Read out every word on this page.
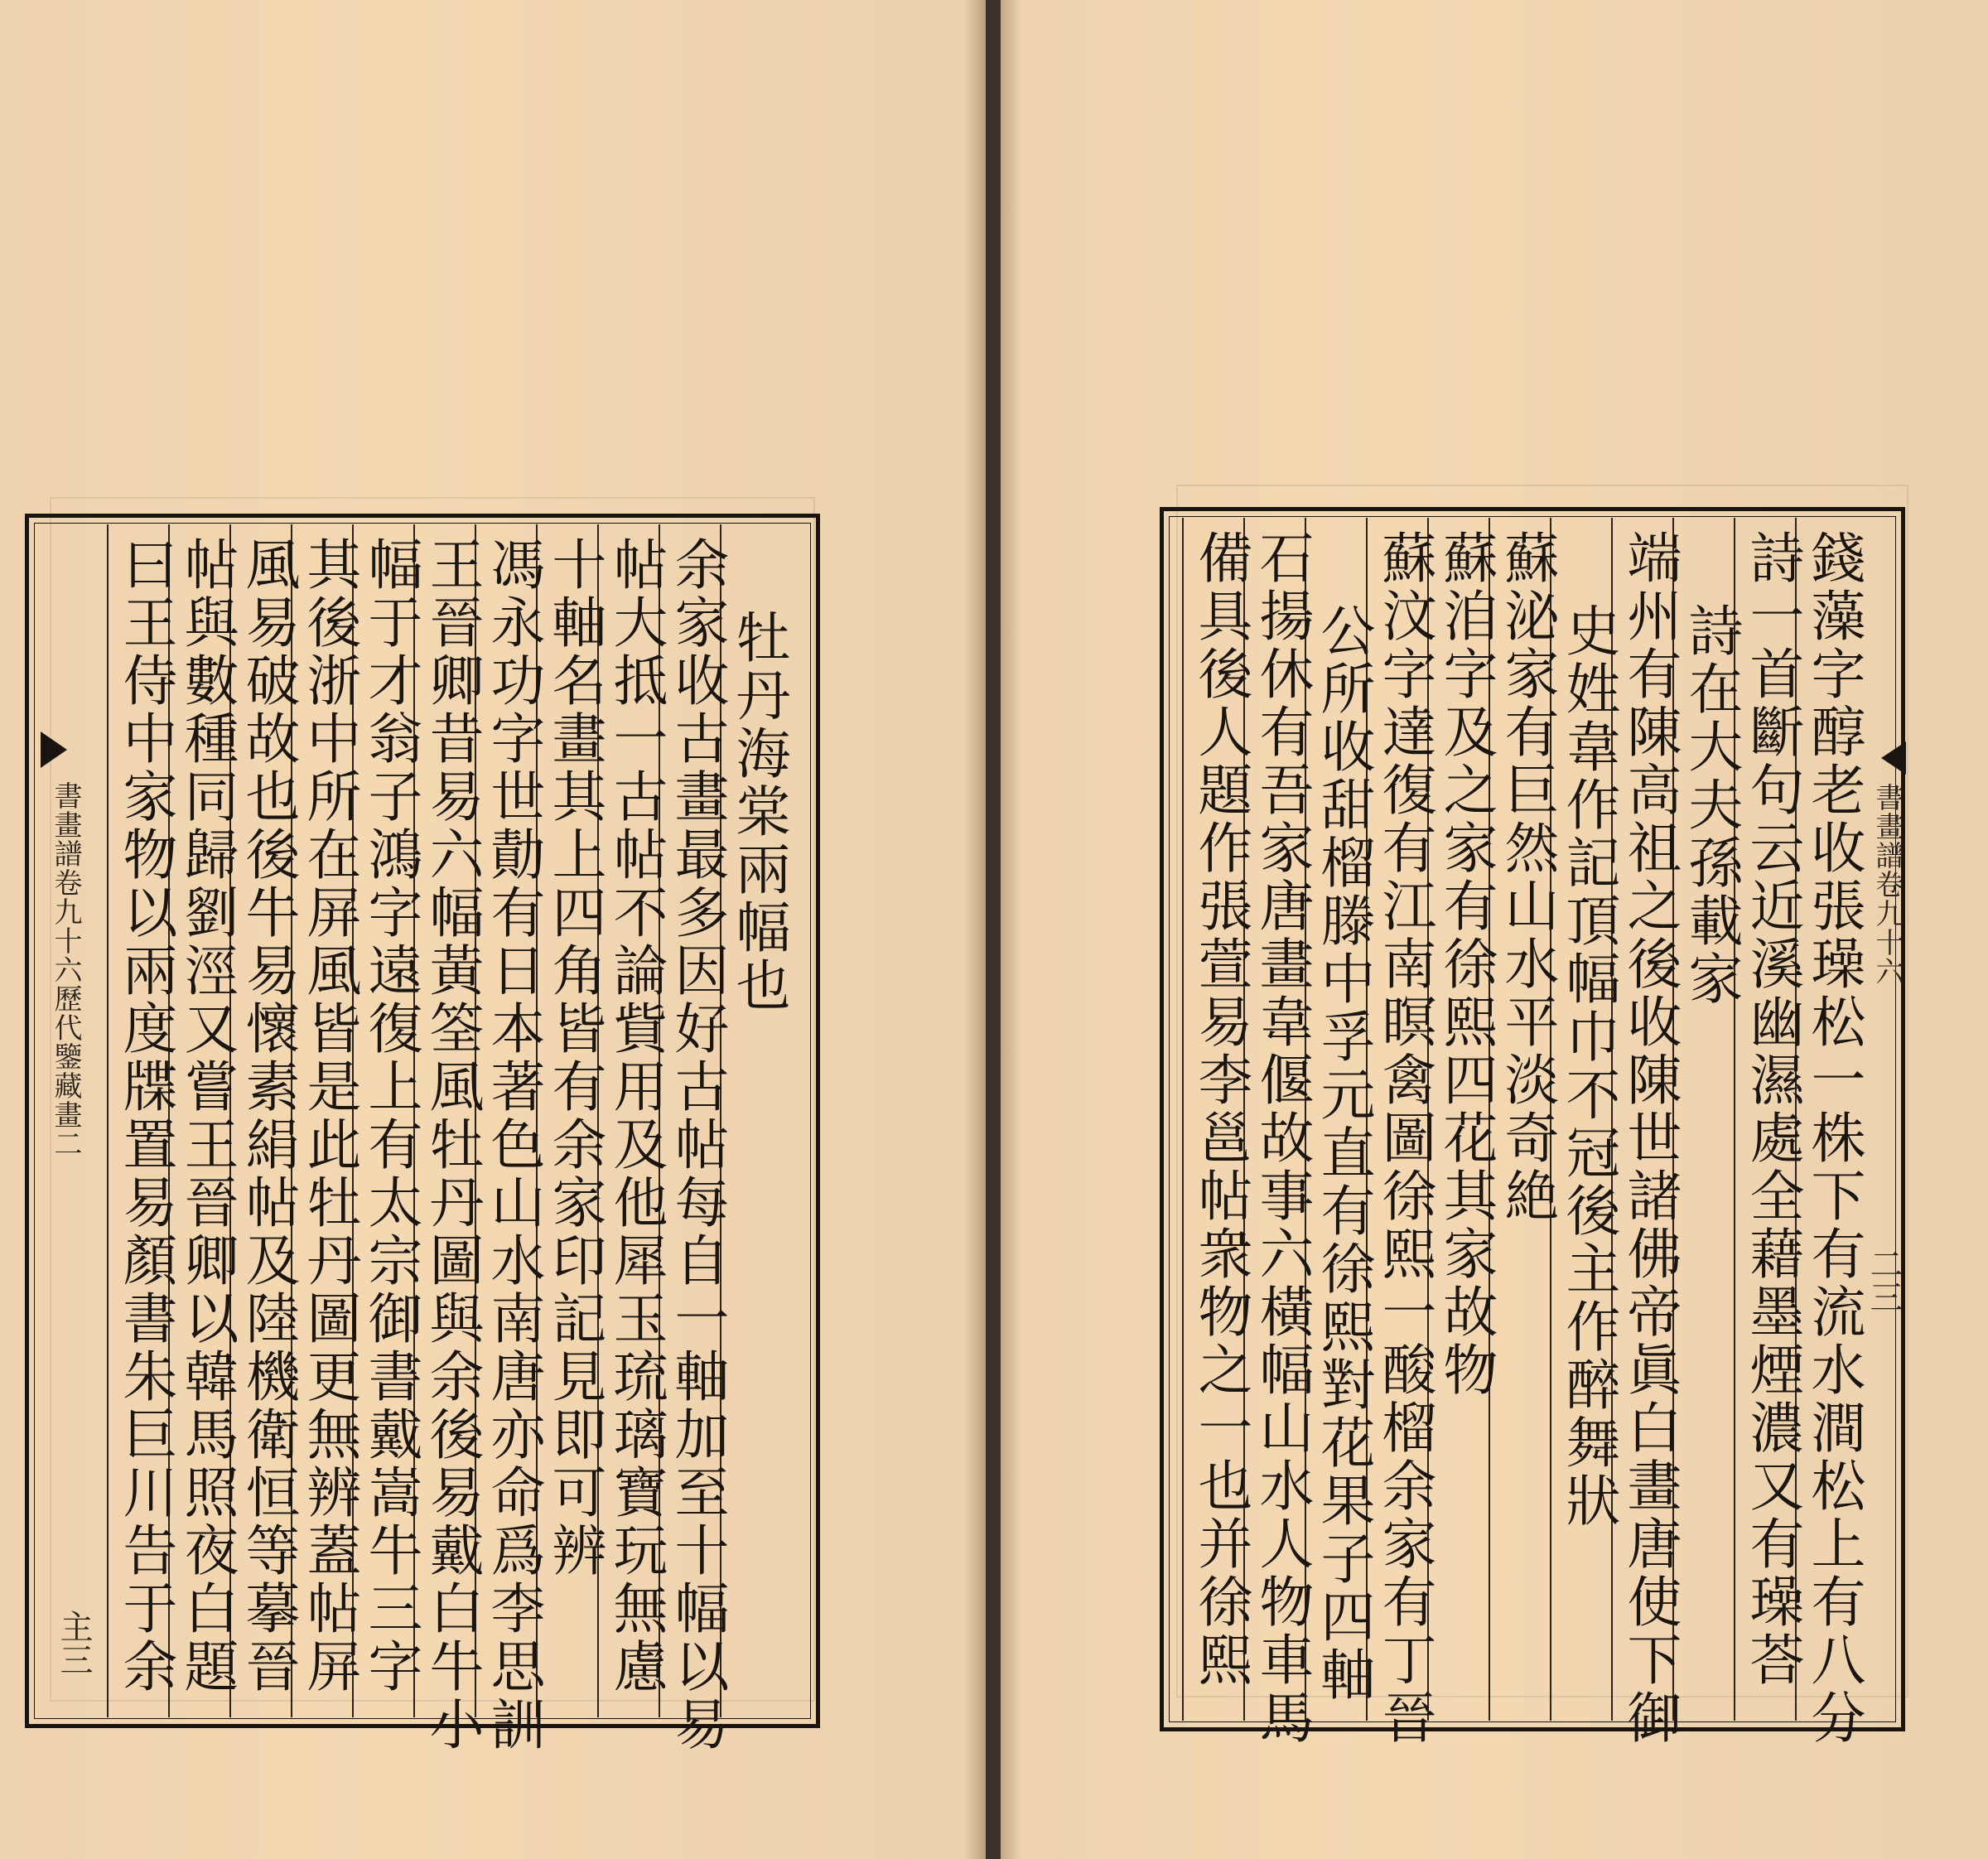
書畫譜卷九十六歷代鑒藏畫二
主三
牡丹海棠兩幅也
余家收古畫最多因好古帖每自一軸加至十幅以易
帖大抵一古帖不論貲用及他犀玉琉璃寶玩無慮
十軸名畫其上四角皆有余家印記見即可辨
馮永功字世勣有日本著色山水南唐亦命爲李思訓
王晉卿昔易六幅黃筌風牡丹圖與余後易戴白牛小
幅于才翁子鴻字遠復上有太宗御書戴嵩牛三字
其後浙中所在屏風皆是此牡丹圖更無辨蓋帖屏
風易破故也後牛易懷素絹帖及陸機衛恒等摹晉
帖與數種同歸劉涇又嘗王晉卿以韓馬照夜白題
曰王侍中家物以兩度牒置易顏書朱巨川告于余	書畫譜卷九十六
二三
錢藻字醇老收張璪松一株下有流水澗松上有八分
詩一首斷句云近溪幽濕處全藉墨煙濃又有璪荅
詩在大夫孫載家
端州有陳高祖之後收陳世諸佛帝眞白畫唐使下御
史姓韋作記頂幅巾不冠後主作醉舞狀
蘇泌家有巨然山水平淡奇絶
蘇洎字及之家有徐熙四花其家故物
蘇汶字達復有江南瞑禽圖徐熙一酸榴余家有丁晉
公所收甜榴滕中孚元直有徐熙對花果子四軸
石揚休有吾家唐畫韋偃故事六橫幅山水人物車馬
備具後人題作張萱易李邕帖衆物之一也并徐熙
